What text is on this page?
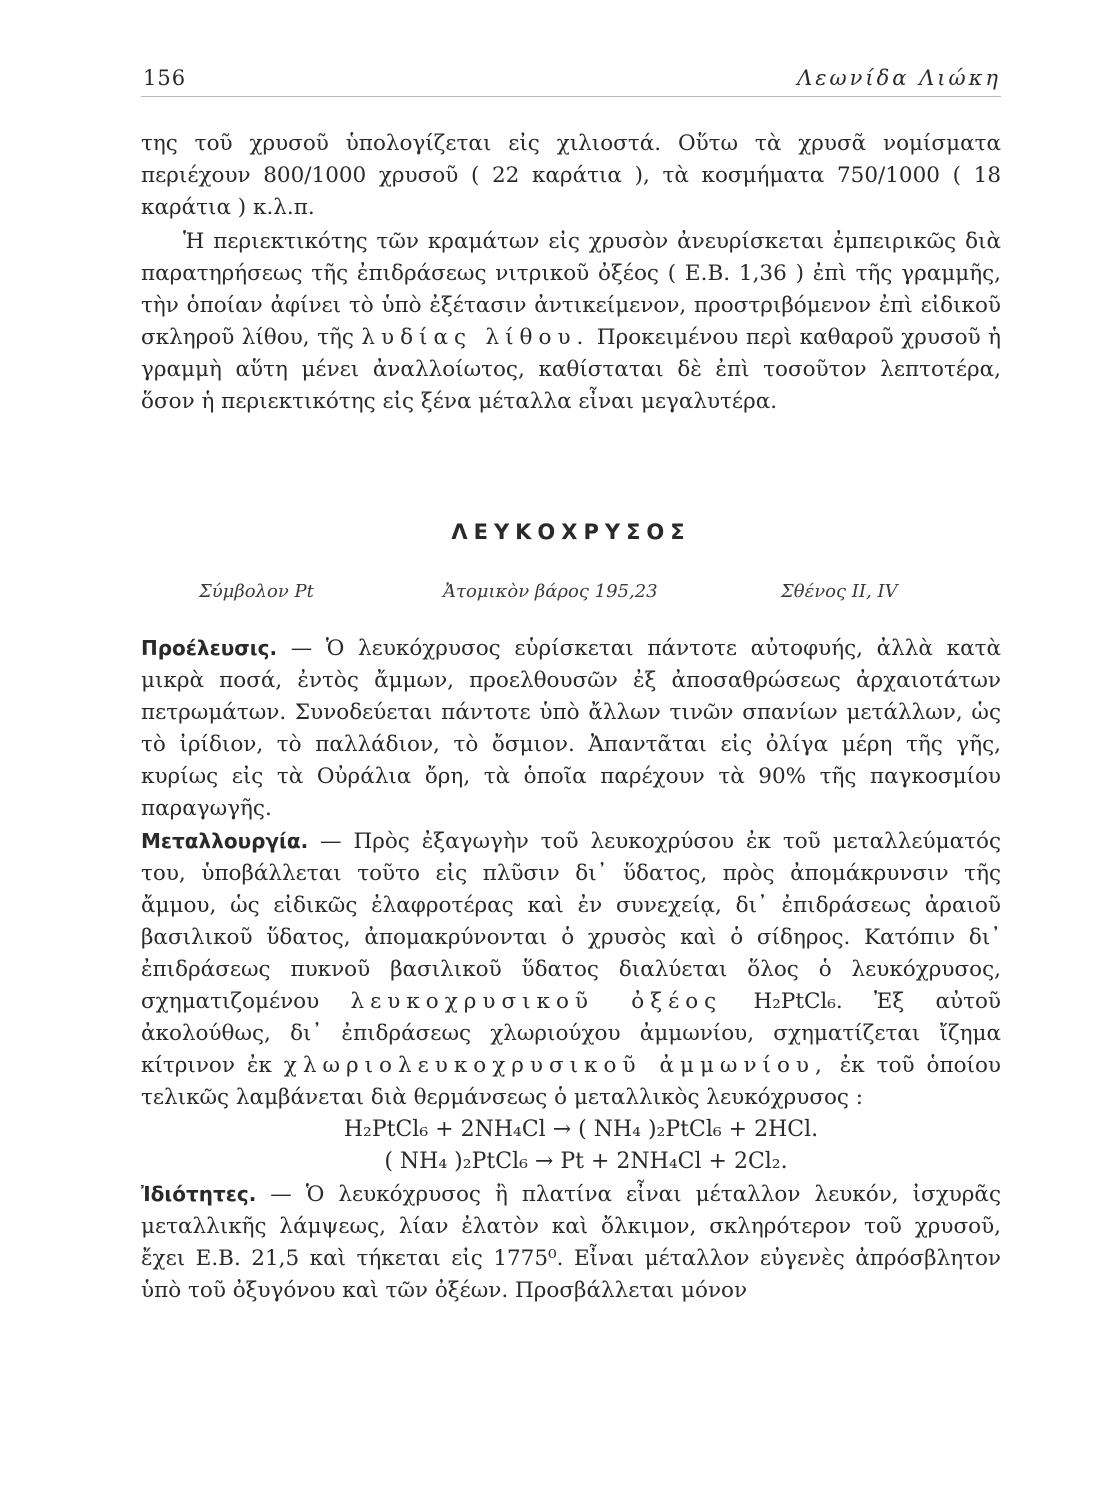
156	Λεωνίδα Λιώκη
της τοῦ χρυσοῦ ὑπολογίζεται εἰς χιλιοστά. Οὕτω τὰ χρυσᾶ νομίσματα περιέχουν 800/1000 χρυσοῦ ( 22 καράτια ), τὰ κοσμήματα 750/1000 ( 18 καράτια ) κ.λ.π.
Ἡ περιεκτικότης τῶν κραμάτων εἰς χρυσὸν ἀνευρίσκεται ἐμπειρικῶς διὰ παρατηρήσεως τῆς ἐπιδράσεως νιτρικοῦ ὀξέος ( Ε.Β. 1,36 ) ἐπὶ τῆς γραμμῆς, τὴν ὁποίαν ἀφίνει τὸ ὑπὸ ἐξέτασιν ἀντικείμενον, προστριβόμενον ἐπὶ εἰδικοῦ σκληροῦ λίθου, τῆς λυδίας λίθου. Προκειμένου περὶ καθαροῦ χρυσοῦ ἡ γραμμὴ αὕτη μένει ἀναλλοίωτος, καθίσταται δὲ ἐπὶ τοσοῦτον λεπτοτέρα, ὅσον ἡ περιεκτικότης εἰς ξένα μέταλλα εἶναι μεγαλυτέρα.
ΛΕΥΚΟΧΡΥΣΟΣ
Σύμβολον Pt	Ἀτομικὸν βάρος 195,23	Σθένος II, IV

Προέλευσις. — Ὁ λευκόχρυσος εὑρίσκεται πάντοτε αὐτοφυής, ἀλλὰ κατὰ μικρὰ ποσά, ἐντὸς ἄμμων, προελθουσῶν ἐξ ἀποσαθρώσεως ἀρχαιοτάτων πετρωμάτων. Συνοδεύεται πάντοτε ὑπὸ ἄλλων τινῶν σπανίων μετάλλων, ὡς τὸ ἰρίδιον, τὸ παλλάδιον, τὸ ὄσμιον. Ἀπαντᾶται εἰς ὀλίγα μέρη τῆς γῆς, κυρίως εἰς τὰ Οὐράλια ὄρη, τὰ ὁποῖα παρέχουν τὰ 90% τῆς παγκοσμίου παραγωγῆς.

Μεταλλουργία. — Πρὸς ἐξαγωγὴν τοῦ λευκοχρύσου ἐκ τοῦ μεταλλεύματός του, ὑποβάλλεται τοῦτο εἰς πλῦσιν δι᾽ ὕδατος, πρὸς ἀπομάκρυνσιν τῆς ἄμμου, ὡς εἰδικῶς ἐλαφροτέρας καὶ ἐν συνεχείᾳ, δι᾽ ἐπιδράσεως ἀραιοῦ βασιλικοῦ ὕδατος, ἀπομακρύνονται ὁ χρυσὸς καὶ ὁ σίδηρος. Κατόπιν δι᾽ ἐπιδράσεως πυκνοῦ βασιλικοῦ ὕδατος διαλύεται ὅλος ὁ λευκόχρυσος, σχηματιζομένου λευκοχρυσικοῦ ὀξέος H₂PtCl₆. Ἐξ αὐτοῦ ἀκολούθως, δι᾽ ἐπιδράσεως χλωριούχου ἀμμωνίου, σχηματίζεται ἴζημα κίτρινον ἐκ χλωριολευκοχρυσικοῦ ἀμμωνίου, ἐκ τοῦ ὁποίου τελικῶς λαμβάνεται διὰ θερμάνσεως ὁ μεταλλικὸς λευκόχρυσος :

H₂PtCl₆ + 2NH₄Cl → ( NH₄ )₂PtCl₆ + 2HCl.

( NH₄ )₂PtCl₆ → Pt + 2NH₄Cl + 2Cl₂.

Ἰδιότητες. — Ὁ λευκόχρυσος ἢ πλατίνα εἶναι μέταλλον λευκόν, ἰσχυρᾶς μεταλλικῆς λάμψεως, λίαν ἐλατὸν καὶ ὄλκιμον, σκληρότερον τοῦ χρυσοῦ, ἔχει Ε.Β. 21,5 καὶ τήκεται εἰς 1775⁰. Εἶναι μέταλλον εὐγενὲς ἀπρόσβλητον ὑπὸ τοῦ ὀξυγόνου καὶ τῶν ὀξέων. Προσβάλλεται μόνον
